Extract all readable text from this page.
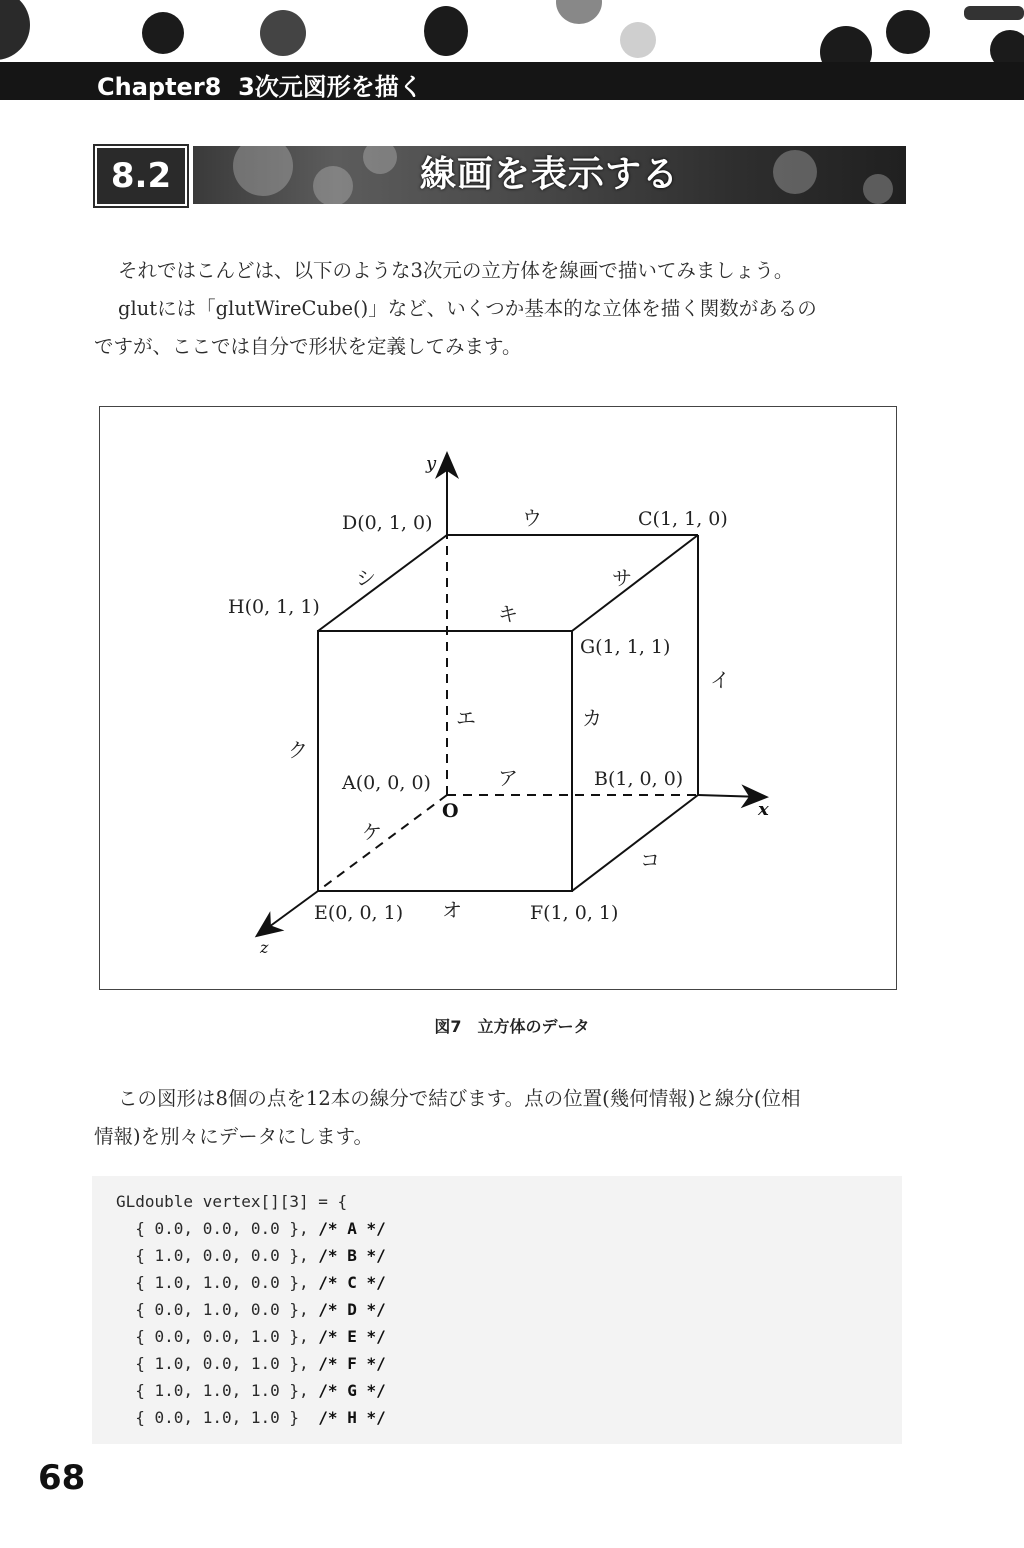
Chapter8 3次元図形を描く
8.2	線画を表示する
それではこんどは、以下のような3次元の立方体を線画で描いてみましょう。
glutには「glutWireCube()」など、いくつか基本的な立体を描く関数があるの
ですが、ここでは自分で形状を定義してみます。
D(0, 1, 0)	C(1, 1, 0)
H(0, 1, 1)
G(1, 1, 1)
A(0, 0, 0)	B(1, 0, 0)
E(0, 0, 1)	F(1, 0, 1)
y
x
z
O
ウ
シ	サ
キ
イ
エ	カ
ク
ア
ケ
コ
オ
図7　立方体のデータ
この図形は8個の点を12本の線分で結びます。点の位置(幾何情報)と線分(位相
情報)を別々にデータにします。
GLdouble vertex[][3] = {
{ 0.0, 0.0, 0.0 }, /* A */
{ 1.0, 0.0, 0.0 }, /* B */
{ 1.0, 1.0, 0.0 }, /* C */
{ 0.0, 1.0, 0.0 }, /* D */
{ 0.0, 0.0, 1.0 }, /* E */
{ 1.0, 0.0, 1.0 }, /* F */
{ 1.0, 1.0, 1.0 }, /* G */
{ 0.0, 1.0, 1.0 }  /* H */
68
